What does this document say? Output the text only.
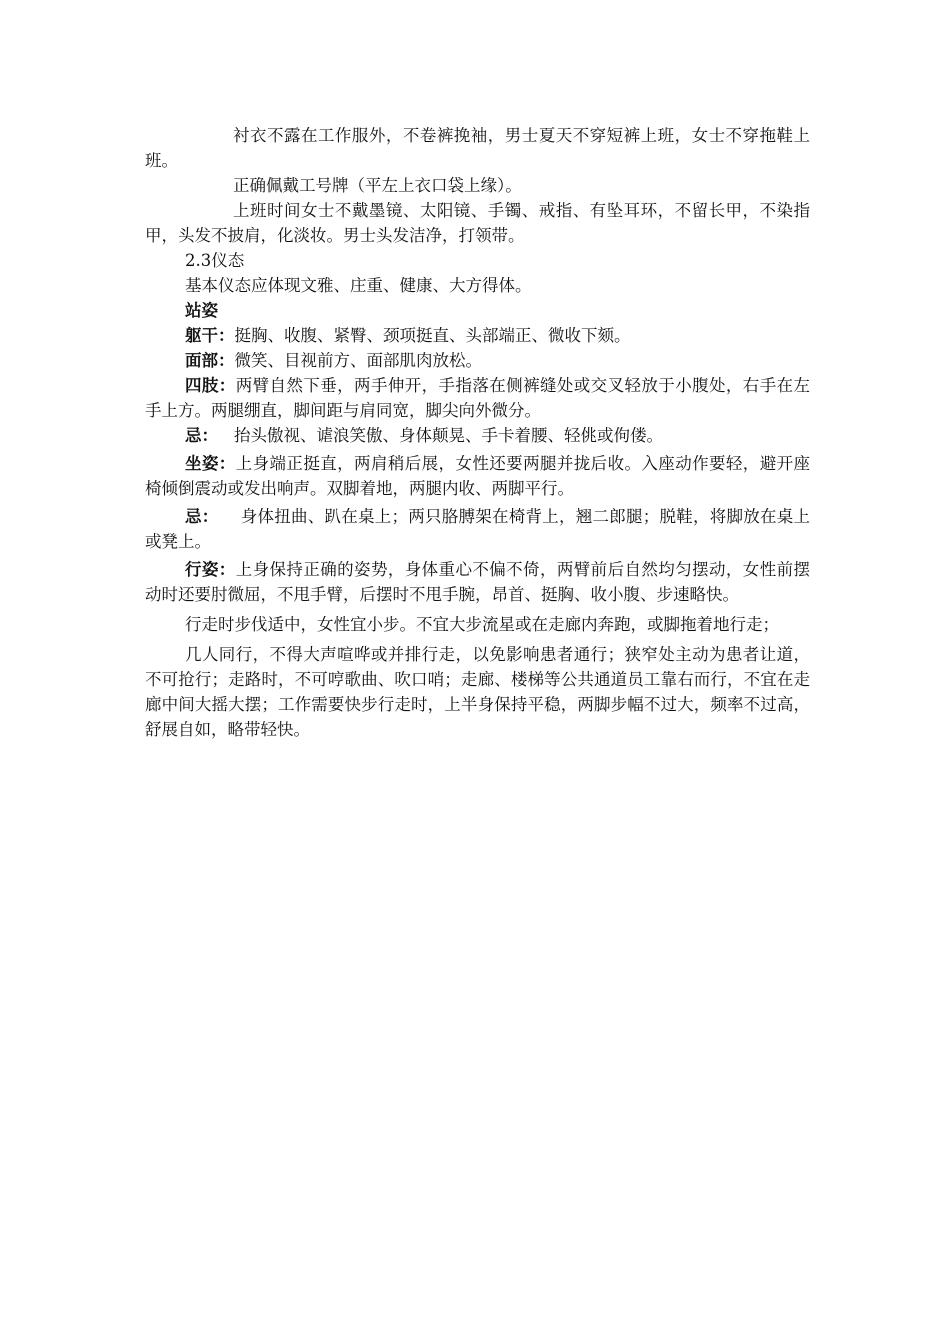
衬衣不露在工作服外，不卷裤挽袖，男士夏天不穿短裤上班，女士不穿拖鞋上班。

正确佩戴工号牌（平左上衣口袋上缘）。

上班时间女士不戴墨镜、太阳镜、手镯、戒指、有坠耳环，不留长甲，不染指甲，头发不披肩，化淡妆。男士头发洁净，打领带。

2.3仪态

基本仪态应体现文雅、庄重、健康、大方得体。

站姿

躯干：挺胸、收腹、紧臀、颈项挺直、头部端正、微收下颏。

面部：微笑、目视前方、面部肌肉放松。

四肢：两臂自然下垂，两手伸开，手指落在侧裤缝处或交叉轻放于小腹处，右手在左手上方。两腿绷直，脚间距与肩同宽，脚尖向外微分。

忌： 抬头傲视、谑浪笑傲、身体颠晃、手卡着腰、轻佻或佝偻。

坐姿：上身端正挺直，两肩稍后展，女性还要两腿并拢后收。入座动作要轻，避开座椅倾倒震动或发出响声。双脚着地，两腿内收、两脚平行。

忌： 身体扭曲、趴在桌上；两只胳膊架在椅背上，翘二郎腿；脱鞋，将脚放在桌上或凳上。

行姿：上身保持正确的姿势，身体重心不偏不倚，两臂前后自然均匀摆动，女性前摆动时还要肘微屈，不甩手臂，后摆时不甩手腕，昂首、挺胸、收小腹、步速略快。

行走时步伐适中，女性宜小步。不宜大步流星或在走廊内奔跑，或脚拖着地行走；

几人同行，不得大声喧哗或并排行走，以免影响患者通行；狭窄处主动为患者让道，不可抢行；走路时，不可哼歌曲、吹口哨；走廊、楼梯等公共通道员工靠右而行，不宜在走廊中间大摇大摆；工作需要快步行走时，上半身保持平稳，两脚步幅不过大，频率不过高，舒展自如，略带轻快。
